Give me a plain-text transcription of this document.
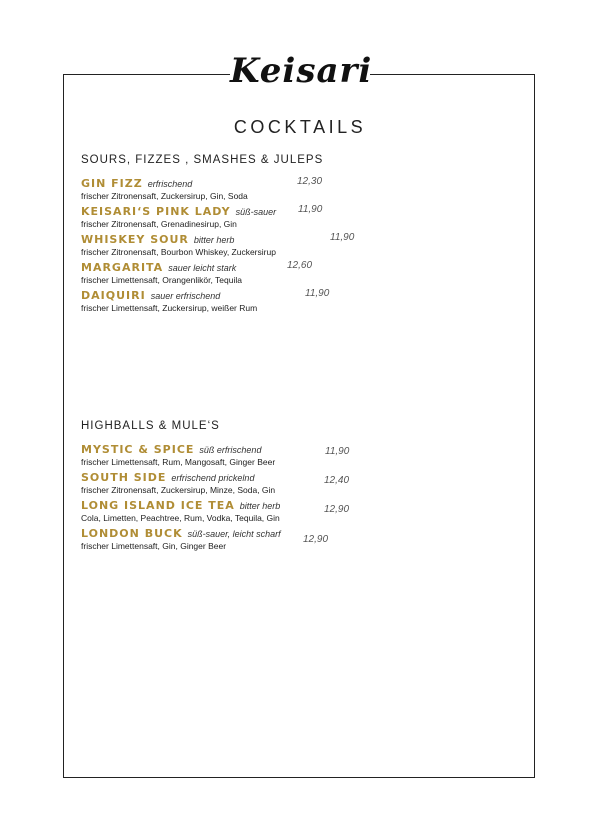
Keisari
COCKTAILS
SOURS, FIZZES , SMASHES & JULEPS
GIN FIZZ erfrischend
frischer Zitronensaft, Zuckersirup, Gin, Soda
12,30
KEISARI‘S PINK LADY süß-sauer
frischer Zitronensaft, Grenadinesirup, Gin
11,90
WHISKEY SOUR bitter herb
frischer Zitronensaft, Bourbon Whiskey, Zuckersirup
11,90
MARGARITA sauer leicht stark
frischer Limettensaft, Orangenlikör, Tequila
12,60
DAIQUIRI sauer erfrischend
frischer Limettensaft, Zuckersirup, weißer Rum
11,90
HIGHBALLS & MULE‘S
MYSTIC & SPICE süß erfrischend
frischer Limettensaft, Rum, Mangosaft, Ginger Beer
11,90
SOUTH SIDE erfrischend prickelnd
frischer Zitronensaft, Zuckersirup, Minze, Soda, Gin
12,40
LONG ISLAND ICE TEA bitter herb
Cola, Limetten, Peachtree, Rum, Vodka, Tequila, Gin
12,90
LONDON BUCK süß-sauer, leicht scharf
frischer Limettensaft, Gin, Ginger Beer
12,90
